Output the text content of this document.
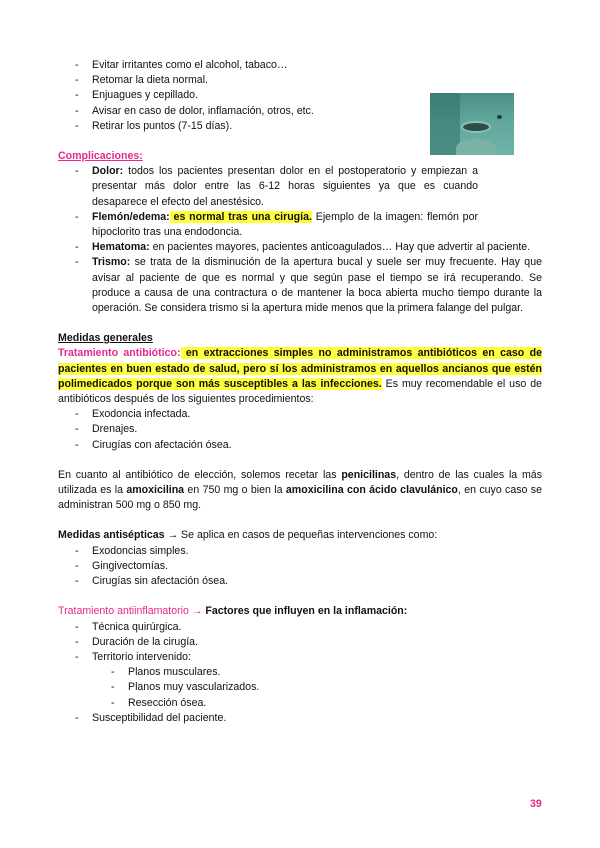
- Evitar irritantes como el alcohol, tabaco…
- Retomar la dieta normal.
- Enjuagues y cepillado.
- Avisar en caso de dolor, inflamación, otros, etc.
- Retirar los puntos (7-15 días).
Complicaciones:
- Dolor: todos los pacientes presentan dolor en el postoperatorio y empiezan a presentar más dolor entre las 6-12 horas siguientes ya que es cuando desaparece el efecto del anestésico.
- Flemón/edema: es normal tras una cirugía. Ejemplo de la imagen: flemón por hipoclorito tras una endodoncia.
- Hematoma: en pacientes mayores, pacientes anticoagulados… Hay que advertir al paciente.
- Trismo: se trata de la disminución de la apertura bucal y suele ser muy frecuente. Hay que avisar al paciente de que es normal y que según pase el tiempo se irá recuperando. Se produce a causa de una contractura o de mantener la boca abierta mucho tiempo durante la operación. Se considera trismo si la apertura mide menos que la primera falange del pulgar.
Medidas generales
Tratamiento antibiótico: en extracciones simples no administramos antibióticos en caso de pacientes en buen estado de salud, pero sí los administramos en aquellos ancianos que estén polimedicados porque son más susceptibles a las infecciones. Es muy recomendable el uso de antibióticos después de los siguientes procedimientos:
- Exodoncia infectada.
- Drenajes.
- Cirugías con afectación ósea.
En cuanto al antibiótico de elección, solemos recetar las penicilinas, dentro de las cuales la más utilizada es la amoxicilina en 750 mg o bien la amoxicilina con ácido clavulánico, en cuyo caso se administran 500 mg o 850 mg.
Medidas antisépticas → Se aplica en casos de pequeñas intervenciones como:
- Exodoncias simples.
- Gingivectomías.
- Cirugías sin afectación ósea.
Tratamiento antiinflamatorio → Factores que influyen en la inflamación:
- Técnica quirúrgica.
- Duración de la cirugía.
- Territorio intervenido:
- Planos musculares.
- Planos muy vascularizados.
- Resección ósea.
- Susceptibilidad del paciente.
39
